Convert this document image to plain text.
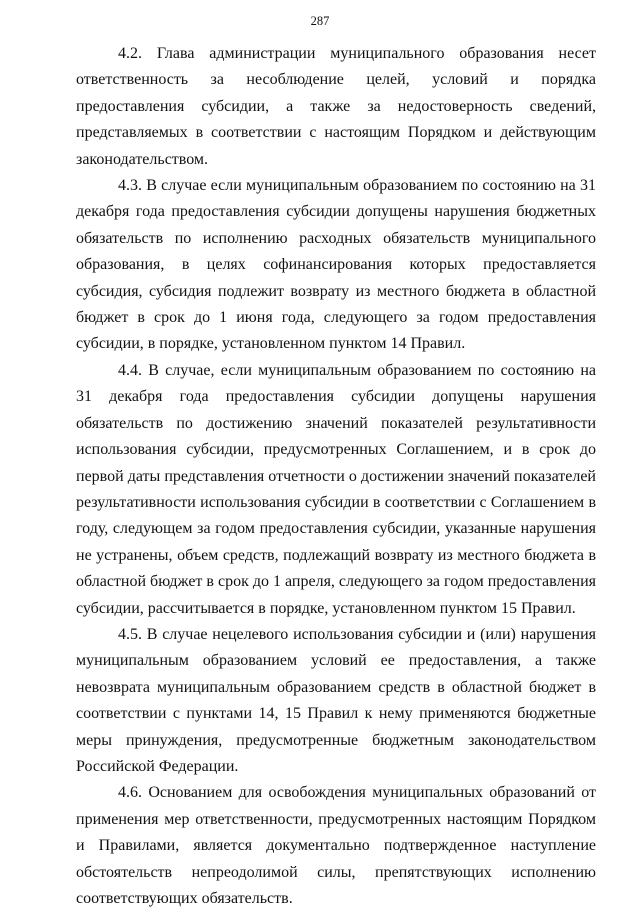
287

4.2. Глава администрации муниципального образования несет ответственность за несоблюдение целей, условий и порядка предоставления субсидии, а также за недостоверность сведений, представляемых в соответствии с настоящим Порядком и действующим законодательством.

4.3. В случае если муниципальным образованием по состоянию на 31 декабря года предоставления субсидии допущены нарушения бюджетных обязательств по исполнению расходных обязательств муниципального образования, в целях софинансирования которых предоставляется субсидия, субсидия подлежит возврату из местного бюджета в областной бюджет в срок до 1 июня года, следующего за годом предоставления субсидии, в порядке, установленном пунктом 14 Правил.

4.4. В случае, если муниципальным образованием по состоянию на 31 декабря года предоставления субсидии допущены нарушения обязательств по достижению значений показателей результативности использования субсидии, предусмотренных Соглашением, и в срок до первой даты представления отчетности о достижении значений показателей результативности использования субсидии в соответствии с Соглашением в году, следующем за годом предоставления субсидии, указанные нарушения не устранены, объем средств, подлежащий возврату из местного бюджета в областной бюджет в срок до 1 апреля, следующего за годом предоставления субсидии, рассчитывается в порядке, установленном пунктом 15 Правил.

4.5. В случае нецелевого использования субсидии и (или) нарушения муниципальным образованием условий ее предоставления, а также невозврата муниципальным образованием средств в областной бюджет в соответствии с пунктами 14, 15 Правил к нему применяются бюджетные меры принуждения, предусмотренные бюджетным законодательством Российской Федерации.

4.6. Основанием для освобождения муниципальных образований от применения мер ответственности, предусмотренных настоящим Порядком и Правилами, является документально подтвержденное наступление обстоятельств непреодолимой силы, препятствующих исполнению соответствующих обязательств.
